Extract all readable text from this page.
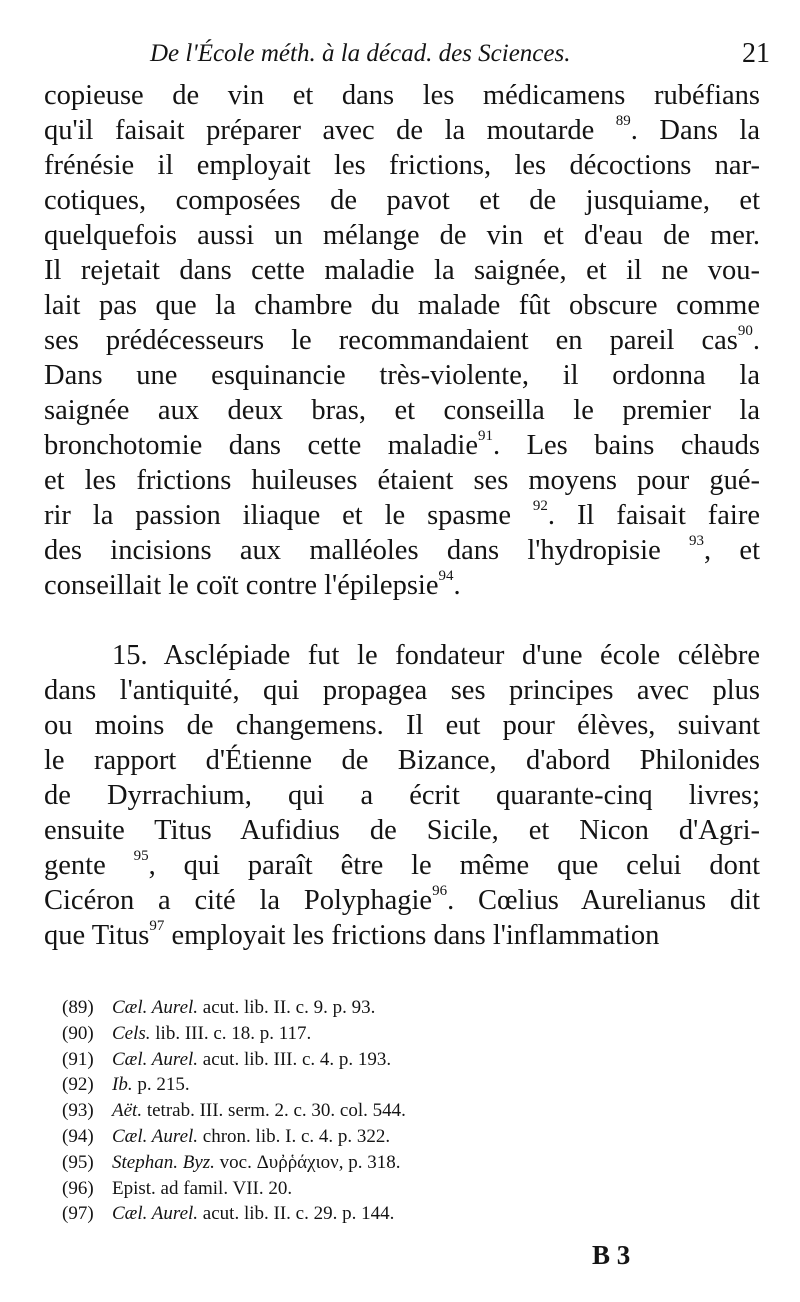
De l'École méth. à la décad. des Sciences.	21
copieuse de vin et dans les médicamens rubéfians
qu'il faisait préparer avec de la moutarde $^{89}$. Dans la
frénésie il employait les frictions, les décoctions nar-
cotiques, composées de pavot et de jusquiame, et
quelquefois aussi un mélange de vin et d'eau de mer.
Il rejetait dans cette maladie la saignée, et il ne vou-
lait pas que la chambre du malade fût obscure comme
ses prédécesseurs le recommandaient en pareil cas$^{90}$.
Dans une esquinancie très-violente, il ordonna la
saignée aux deux bras, et conseilla le premier la
bronchotomie dans cette maladie$^{91}$. Les bains chauds
et les frictions huileuses étaient ses moyens pour gué-
rir la passion iliaque et le spasme $^{92}$. Il faisait faire
des incisions aux malléoles dans l'hydropisie $^{93}$, et
conseillait le coït contre l'épilepsie$^{94}$.
15. Asclépiade fut le fondateur d'une école célèbre
dans l'antiquité, qui propagea ses principes avec plus
ou moins de changemens. Il eut pour élèves, suivant
le rapport d'Étienne de Bizance, d'abord Philonides
de Dyrrachium, qui a écrit quarante-cinq livres;
ensuite Titus Aufidius de Sicile, et Nicon d'Agri-
gente $^{95}$, qui paraît être le même que celui dont
Cicéron a cité la Polyphagie$^{96}$. Cœlius Aurelianus dit
que Titus$^{97}$ employait les frictions dans l'inflammation
(89) Cæl. Aurel. acut. lib. II. c. 9. p. 93.
(90) Cels. lib. III. c. 18. p. 117.
(91) Cæl. Aurel. acut. lib. III. c. 4. p. 193.
(92) Ib. p. 215.
(93) Aët. tetrab. III. serm. 2. c. 30. col. 544.
(94) Cæl. Aurel. chron. lib. I. c. 4. p. 322.
(95) Stephan. Byz. voc. Δυῤῥάχιον, p. 318.
(96) Epist. ad famil. VII. 20.
(97) Cæl. Aurel. acut. lib. II. c. 29. p. 144.
B 3
